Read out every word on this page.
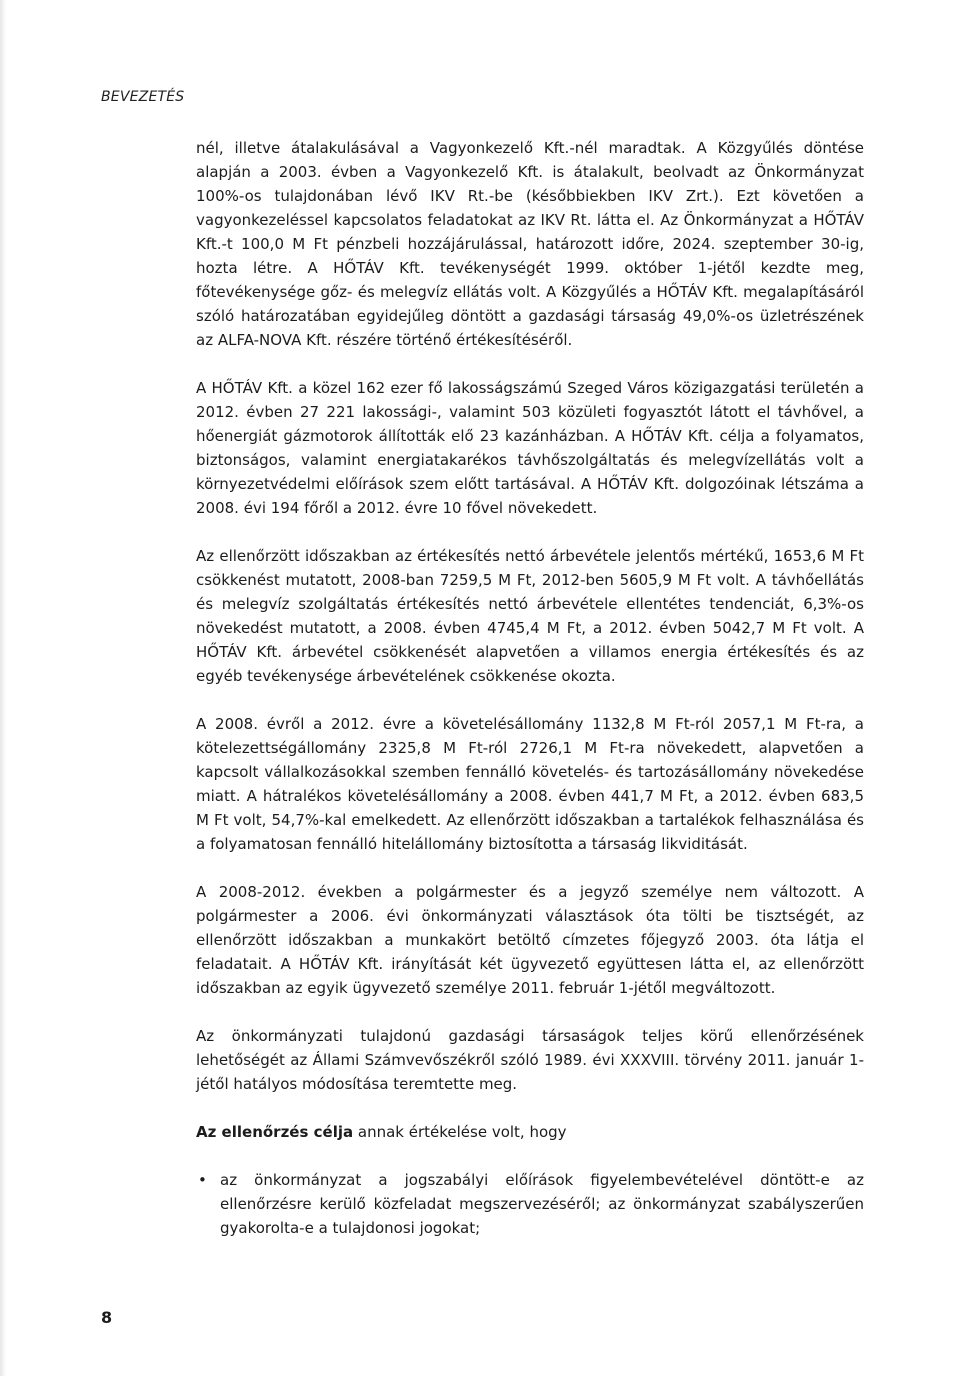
BEVEZETÉS

nél, illetve átalakulásával a Vagyonkezelő Kft.-nél maradtak. A Közgyűlés döntése alapján a 2003. évben a Vagyonkezelő Kft. is átalakult, beolvadt az Önkormányzat 100%-os tulajdonában lévő IKV Rt.-be (későbbiekben IKV Zrt.). Ezt követően a vagyonkezeléssel kapcsolatos feladatokat az IKV Rt. látta el. Az Önkormányzat a HŐTÁV Kft.-t 100,0 M Ft pénzbeli hozzájárulással, határozott időre, 2024. szeptember 30-ig, hozta létre. A HŐTÁV Kft. tevékenységét 1999. október 1-jétől kezdte meg, főtevékenysége gőz- és melegvíz ellátás volt. A Közgyűlés a HŐTÁV Kft. megalapításáról szóló határozatában egyidejűleg döntött a gazdasági társaság 49,0%-os üzletrészének az ALFA-NOVA Kft. részére történő értékesítéséről.

A HŐTÁV Kft. a közel 162 ezer fő lakosságszámú Szeged Város közigazgatási területén a 2012. évben 27 221 lakossági-, valamint 503 közületi fogyasztót látott el távhővel, a hőenergiát gázmotorok állították elő 23 kazánházban. A HŐTÁV Kft. célja a folyamatos, biztonságos, valamint energiatakarékos távhőszolgáltatás és melegvízellátás volt a környezetvédelmi előírások szem előtt tartásával. A HŐTÁV Kft. dolgozóinak létszáma a 2008. évi 194 főről a 2012. évre 10 fővel növekedett.

Az ellenőrzött időszakban az értékesítés nettó árbevétele jelentős mértékű, 1653,6 M Ft csökkenést mutatott, 2008-ban 7259,5 M Ft, 2012-ben 5605,9 M Ft volt. A távhőellátás és melegvíz szolgáltatás értékesítés nettó árbevétele ellentétes tendenciát, 6,3%-os növekedést mutatott, a 2008. évben 4745,4 M Ft, a 2012. évben 5042,7 M Ft volt. A HŐTÁV Kft. árbevétel csökkenését alapvetően a villamos energia értékesítés és az egyéb tevékenysége árbevételének csökkenése okozta.

A 2008. évről a 2012. évre a követelésállomány 1132,8 M Ft-ról 2057,1 M Ft-ra, a kötelezettségállomány 2325,8 M Ft-ról 2726,1 M Ft-ra növekedett, alapvetően a kapcsolt vállalkozásokkal szemben fennálló követelés- és tartozásállomány növekedése miatt. A hátralékos követelésállomány a 2008. évben 441,7 M Ft, a 2012. évben 683,5 M Ft volt, 54,7%-kal emelkedett. Az ellenőrzött időszakban a tartalékok felhasználása és a folyamatosan fennálló hitelállomány biztosította a társaság likviditását.

A 2008-2012. években a polgármester és a jegyző személye nem változott. A polgármester a 2006. évi önkormányzati választások óta tölti be tisztségét, az ellenőrzött időszakban a munkakört betöltő címzetes főjegyző 2003. óta látja el feladatait. A HŐTÁV Kft. irányítását két ügyvezető együttesen látta el, az ellenőrzött időszakban az egyik ügyvezető személye 2011. február 1-jétől megváltozott.

Az önkormányzati tulajdonú gazdasági társaságok teljes körű ellenőrzésének lehetőségét az Állami Számvevőszékről szóló 1989. évi XXXVIII. törvény 2011. január 1-jétől hatályos módosítása teremtette meg.

Az ellenőrzés célja annak értékelése volt, hogy

• az önkormányzat a jogszabályi előírások figyelembevételével döntött-e az ellenőrzésre kerülő közfeladat megszervezéséről; az önkormányzat szabályszerűen gyakorolta-e a tulajdonosi jogokat;
8
